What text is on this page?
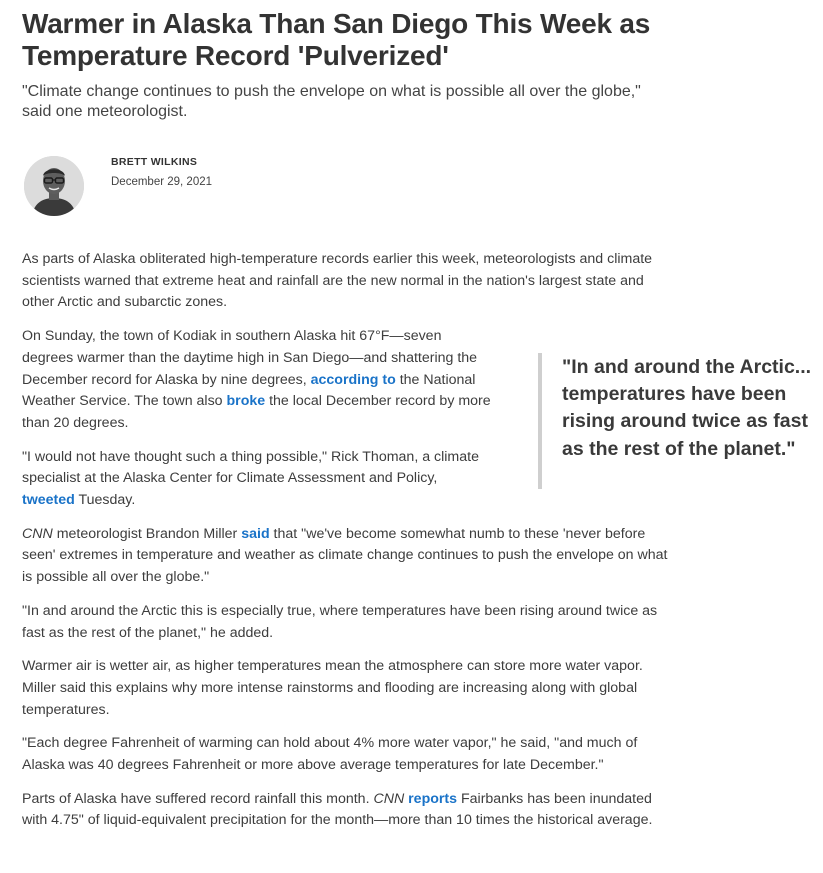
Warmer in Alaska Than San Diego This Week as Temperature Record 'Pulverized'

"Climate change continues to push the envelope on what is possible all over the globe," said one meteorologist.

BRETT WILKINS

December 29, 2021

As parts of Alaska obliterated high-temperature records earlier this week, meteorologists and climate scientists warned that extreme heat and rainfall are the new normal in the nation's largest state and other Arctic and subarctic zones.

On Sunday, the town of Kodiak in southern Alaska hit 67°F—seven degrees warmer than the daytime high in San Diego—and shattering the December record for Alaska by nine degrees, according to the National Weather Service. The town also broke the local December record by more than 20 degrees.

"I would not have thought such a thing possible," Rick Thoman, a climate specialist at the Alaska Center for Climate Assessment and Policy, tweeted Tuesday.

CNN meteorologist Brandon Miller said that "we've become somewhat numb to these 'never before seen' extremes in temperature and weather as climate change continues to push the envelope on what is possible all over the globe."

"In and around the Arctic this is especially true, where temperatures have been rising around twice as fast as the rest of the planet," he added.

Warmer air is wetter air, as higher temperatures mean the atmosphere can store more water vapor. Miller said this explains why more intense rainstorms and flooding are increasing along with global temperatures.

"Each degree Fahrenheit of warming can hold about 4% more water vapor," he said, "and much of Alaska was 40 degrees Fahrenheit or more above average temperatures for late December."

Parts of Alaska have suffered record rainfall this month. CNN reports Fairbanks has been inundated with 4.75" of liquid-equivalent precipitation for the month—more than 10 times the historical average.

"In and around the Arctic... temperatures have been rising around twice as fast as the rest of the planet."
